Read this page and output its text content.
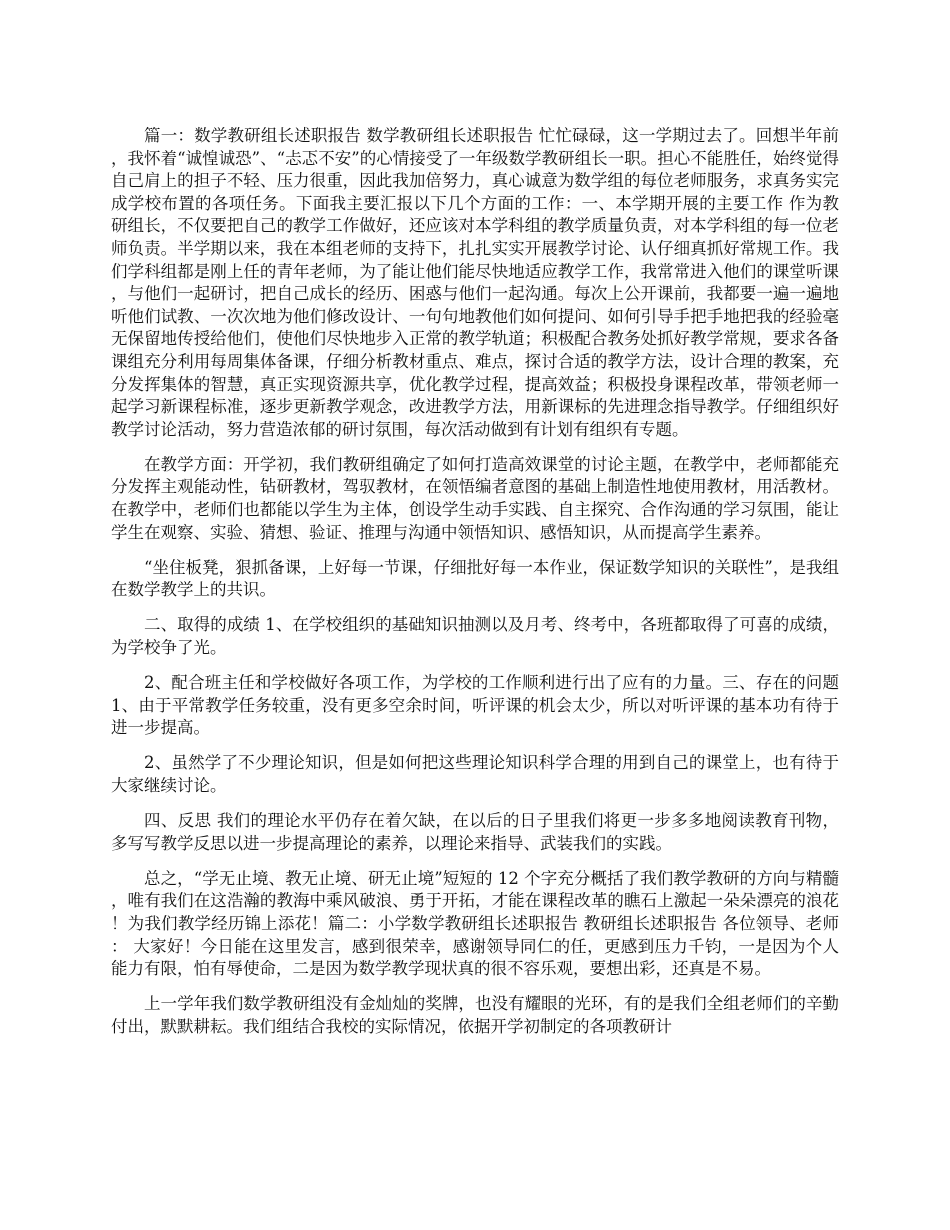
篇一：数学教研组长述职报告 数学教研组长述职报告 忙忙碌碌，这一学期过去了。回想半年前，我怀着“诚惶诚恐”、“忐忑不安”的心情接受了一年级数学教研组长一职。担心不能胜任，始终觉得自己肩上的担子不轻、压力很重，因此我加倍努力，真心诚意为数学组的每位老师服务，求真务实完成学校布置的各项任务。下面我主要汇报以下几个方面的工作：一、本学期开展的主要工作 作为教研组长，不仅要把自己的教学工作做好，还应该对本学科组的教学质量负责，对本学科组的每一位老师负责。半学期以来，我在本组老师的支持下，扎扎实实开展教学讨论、认仔细真抓好常规工作。我们学科组都是刚上任的青年老师，为了能让他们能尽快地适应教学工作，我常常进入他们的课堂听课，与他们一起研讨，把自己成长的经历、困惑与他们一起沟通。每次上公开课前，我都要一遍一遍地听他们试教、一次次地为他们修改设计、一句句地教他们如何提问、如何引导手把手地把我的经验毫无保留地传授给他们，使他们尽快地步入正常的教学轨道；积极配合教务处抓好教学常规，要求各备课组充分利用每周集体备课，仔细分析教材重点、难点，探讨合适的教学方法，设计合理的教案，充分发挥集体的智慧，真正实现资源共享，优化教学过程，提高效益；积极投身课程改革，带领老师一起学习新课程标准，逐步更新教学观念，改进教学方法，用新课标的先进理念指导教学。仔细组织好教学讨论活动，努力营造浓郁的研讨氛围，每次活动做到有计划有组织有专题。

在教学方面：开学初，我们教研组确定了如何打造高效课堂的讨论主题，在教学中，老师都能充分发挥主观能动性，钻研教材，驾驭教材，在领悟编者意图的基础上制造性地使用教材，用活教材。在教学中，老师们也都能以学生为主体，创设学生动手实践、自主探究、合作沟通的学习氛围，能让学生在观察、实验、猜想、验证、推理与沟通中领悟知识、感悟知识，从而提高学生素养。

“坐住板凳，狠抓备课，上好每一节课，仔细批好每一本作业，保证数学知识的关联性”，是我组在数学教学上的共识。

二、取得的成绩 1、在学校组织的基础知识抽测以及月考、终考中，各班都取得了可喜的成绩，为学校争了光。

2、配合班主任和学校做好各项工作，为学校的工作顺利进行出了应有的力量。三、存在的问题 1、由于平常教学任务较重，没有更多空余时间，听评课的机会太少，所以对听评课的基本功有待于进一步提高。

2、虽然学了不少理论知识，但是如何把这些理论知识科学合理的用到自己的课堂上，也有待于大家继续讨论。

四、反思 我们的理论水平仍存在着欠缺，在以后的日子里我们将更一步多多地阅读教育刊物，多写写教学反思以进一步提高理论的素养，以理论来指导、武装我们的实践。

总之，“学无止境、教无止境、研无止境”短短的 12 个字充分概括了我们教学教研的方向与精髓，唯有我们在这浩瀚的教海中乘风破浪、勇于开拓，才能在课程改革的瞧石上激起一朵朵漂亮的浪花！为我们教学经历锦上添花！篇二：小学数学教研组长述职报告 教研组长述职报告 各位领导、老师： 大家好！今日能在这里发言，感到很荣幸，感谢领导同仁的任，更感到压力千钧，一是因为个人能力有限，怕有辱使命，二是因为数学教学现状真的很不容乐观，要想出彩，还真是不易。

上一学年我们数学教研组没有金灿灿的奖牌，也没有耀眼的光环，有的是我们全组老师们的辛勤付出，默默耕耘。我们组结合我校的实际情况，依据开学初制定的各项教研计
